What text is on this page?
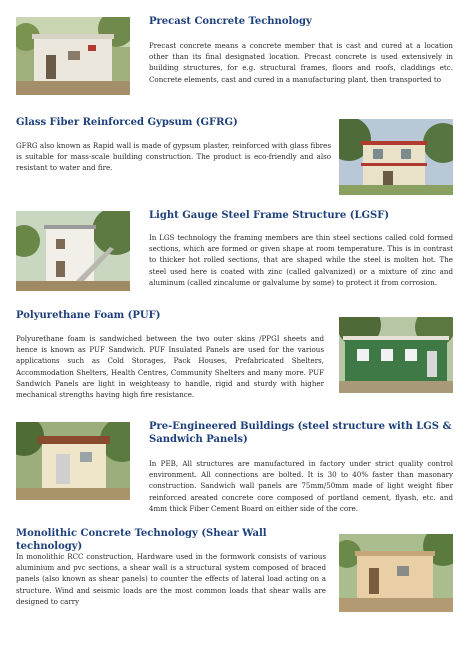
Precast Concrete Technology
Precast concrete means a concrete member that is cast and cured at a location other than its final designated location. Precast concrete is used extensively in building structures, for e.g. structural frames, floors and roofs, claddings etc. Concrete elements, cast and cured in a manufacturing plant, then transported to
Glass Fiber Reinforced Gypsum (GFRG)
GFRG also known as Rapid wall is made of gypsum plaster, reinforced with glass fibres is suitable for mass-scale building construction. The product is eco-friendly and also resistant to water and fire.
Light Gauge Steel Frame Structure (LGSF)
In LGS technology the framing members are thin steel sections called cold formed sections, which are formed or given shape at room temperature. This is in contrast to thicker hot rolled sections, that are shaped while the steel is molten hot. The steel used here is coated with zinc (called galvanized) or a mixture of zinc and aluminum (called zincalume or galvalume by some) to protect it from corrosion.
Polyurethane Foam (PUF)
Polyurethane foam is sandwiched between the two outer skins /PPGI sheets and hence is known as PUF Sandwich. PUF Insulated Panels are used for the various applications such as Cold Storages, Pack Houses, Prefabricated Shelters, Accommodation Shelters, Health Centres, Community Shelters and many more. PUF Sandwich Panels are light in weighteasy to handle, rigid and sturdy with higher mechanical strengths having high fire resistance.
Pre-Engineered Buildings (steel structure with LGS & Sandwich Panels)
In PEB, All structures are manufactured in factory under strict quality control environment. All connections are bolted. It is 30 to 40% faster than masonary construction. Sandwich wall panels are 75mm/50mm made of light weight fiber reinforced areated concrete core composed of portland cement, flyash, etc. and 4mm thick Fiber Cement Board on either side of the core.
Monolithic Concrete Technology (Shear Wall technology)
In monolithic RCC construction, Hardware used in the formwork consists of various aluminium and pvc sections, a shear wall is a structural system composed of braced panels (also known as shear panels) to counter the effects of lateral load acting on a structure. Wind and seismic loads are the most common loads that shear walls are designed to carry
